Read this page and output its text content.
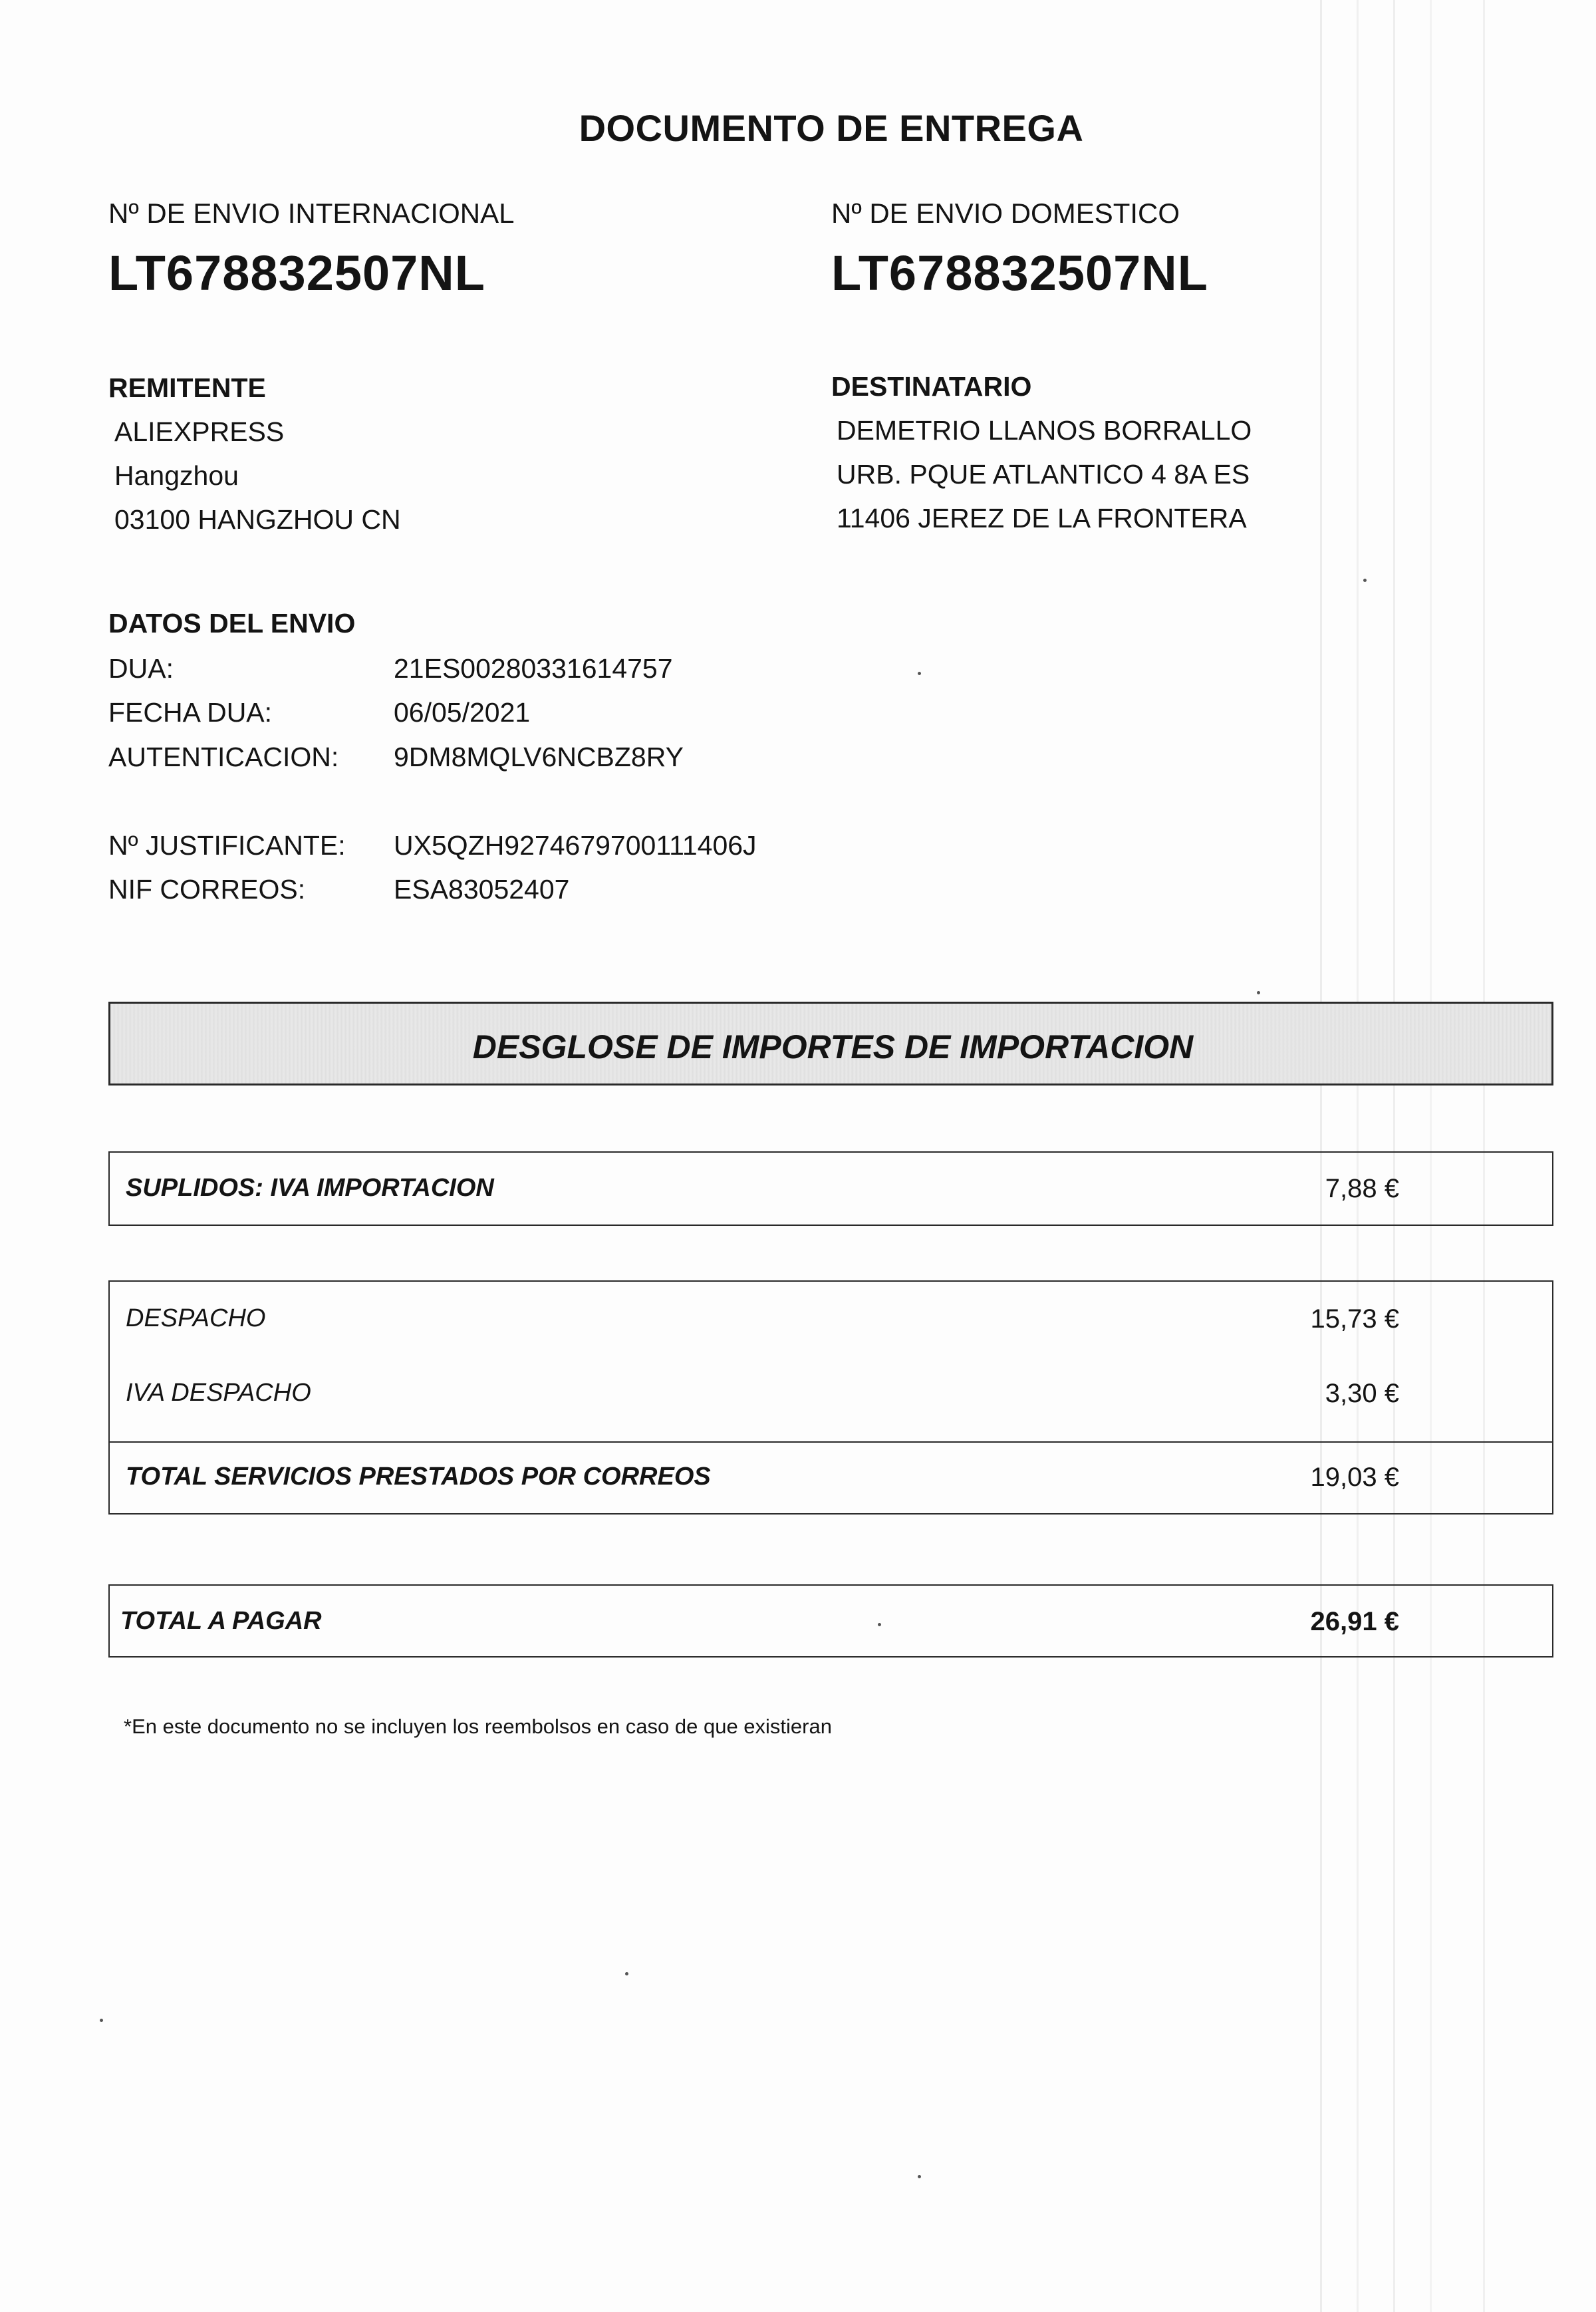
DOCUMENTO DE ENTREGA
Nº DE ENVIO INTERNACIONAL
LT678832507NL
Nº DE ENVIO DOMESTICO
LT678832507NL
REMITENTE
ALIEXPRESS
Hangzhou
03100 HANGZHOU CN
DESTINATARIO
DEMETRIO LLANOS BORRALLO
URB. PQUE ATLANTICO 4 8A ES
11406 JEREZ DE LA FRONTERA
DATOS DEL ENVIO
DUA:	21ES00280331614757
FECHA DUA:	06/05/2021
AUTENTICACION: 9DM8MQLV6NCBZ8RY
Nº JUSTIFICANTE: UX5QZH9274679700111406J
NIF CORREOS:	ESA83052407
DESGLOSE DE IMPORTES DE IMPORTACION
SUPLIDOS: IVA IMPORTACION	7,88 €
DESPACHO	15,73 €
IVA DESPACHO	3,30 €
TOTAL SERVICIOS PRESTADOS POR CORREOS	19,03 €
TOTAL A PAGAR	26,91 €
*En este documento no se incluyen los reembolsos en caso de que existieran
